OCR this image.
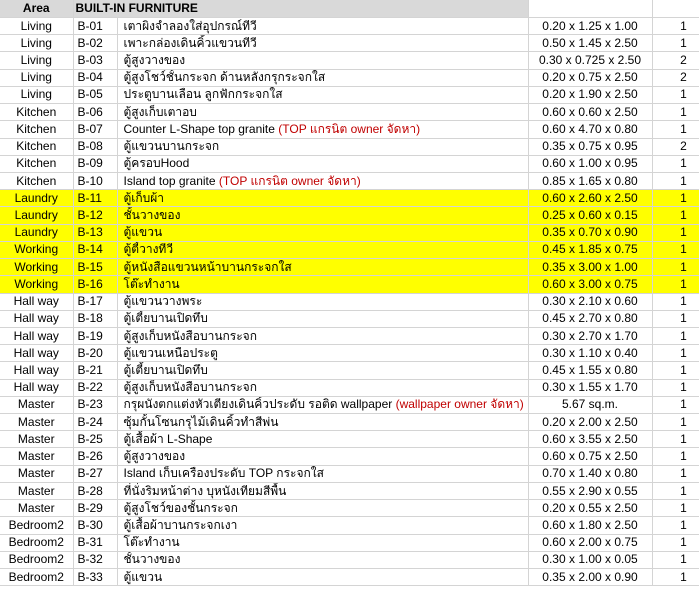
Area	BUILT-IN FURNITURE			
Living	B-01	เตาผิงจำลองใส่อุปกรณ์ทีวี	0.20 x 1.25 x 1.00	1
Living	B-02	เพาะกล่องเดินคิ้วแขวนทีวี	0.50 x 1.45 x 2.50	1
Living	B-03	ตู้สูงวางของ	0.30 x 0.725 x 2.50	2
Living	B-04	ตู้สูงโชว์ชั้นกระจก ด้านหลังกรุกระจกใส	0.20 x 0.75 x 2.50	2
Living	B-05	ประตูบานเลื่อน ลูกฟักกระจกใส	0.20 x 1.90 x 2.50	1
Kitchen	B-06	ตู้สูงเก็บเตาอบ	0.60 x 0.60 x 2.50	1
Kitchen	B-07	Counter L-Shape top granite (TOP แกรนิต owner จัดหา)	0.60 x 4.70 x 0.80	1
Kitchen	B-08	ตู้แขวนบานกระจก	0.35 x 0.75 x 0.95	2
Kitchen	B-09	ตู้ครอบHood	0.60 x 1.00 x 0.95	1
Kitchen	B-10	Island top granite (TOP แกรนิต owner จัดหา)	0.85 x 1.65 x 0.80	1
Laundry	B-11	ตู้เก็บผ้า	0.60 x 2.60 x 2.50	1
Laundry	B-12	ชั้นวางของ	0.25 x 0.60 x 0.15	1
Laundry	B-13	ตู้แขวน	0.35 x 0.70 x 0.90	1
Working	B-14	ตู้ตี้วางทีวี	0.45 x 1.85 x 0.75	1
Working	B-15	ตู้หนังสือแขวนหน้าบานกระจกใส	0.35 x 3.00 x 1.00	1
Working	B-16	โต๊ะทำงาน	0.60 x 3.00 x 0.75	1
Hall way	B-17	ตู้แขวนวางพระ	0.30 x 2.10 x 0.60	1
Hall way	B-18	ตู้เตี้ยบานเปิดทึบ	0.45 x 2.70 x 0.80	1
Hall way	B-19	ตู้สูงเก็บหนังสือบานกระจก	0.30 x 2.70 x 1.70	1
Hall way	B-20	ตู้แขวนเหนือประตู	0.30 x 1.10 x 0.40	1
Hall way	B-21	ตู้เตี้ยบานเปิดทึบ	0.45 x 1.55 x 0.80	1
Hall way	B-22	ตู้สูงเก็บหนังสือบานกระจก	0.30 x 1.55 x 1.70	1
Master	B-23	กรุผนังตกแต่งหัวเตียงเดินคิ้วประดับ รอติด wallpaper (wallpaper owner จัดหา)	5.67 sq.m.	1
Master	B-24	ซุ้มกั้นโซนกรุไม้เดินคิ้วทำสีพ่น	0.20 x 2.00 x 2.50	1
Master	B-25	ตู้เสื้อผ้า L-Shape	0.60 x 3.55 x 2.50	1
Master	B-26	ตู้สูงวางของ	0.60 x 0.75 x 2.50	1
Master	B-27	Island เก็บเครื่องประดับ TOP กระจกใส	0.70 x 1.40 x 0.80	1
Master	B-28	ที่นั่งริมหน้าต่าง บุหนังเทียมสีพื้น	0.55 x 2.90 x 0.55	1
Master	B-29	ตู้สูงโชว์ของชั้นกระจก	0.20 x 0.55 x 2.50	1
Bedroom2	B-30	ตู้เสื้อผ้าบานกระจกเงา	0.60 x 1.80 x 2.50	1
Bedroom2	B-31	โต๊ะทำงาน	0.60 x 2.00 x 0.75	1
Bedroom2	B-32	ชั้นวางของ	0.30 x 1.00 x 0.05	1
Bedroom2	B-33	ตู้แขวน	0.35 x 2.00 x 0.90	1
